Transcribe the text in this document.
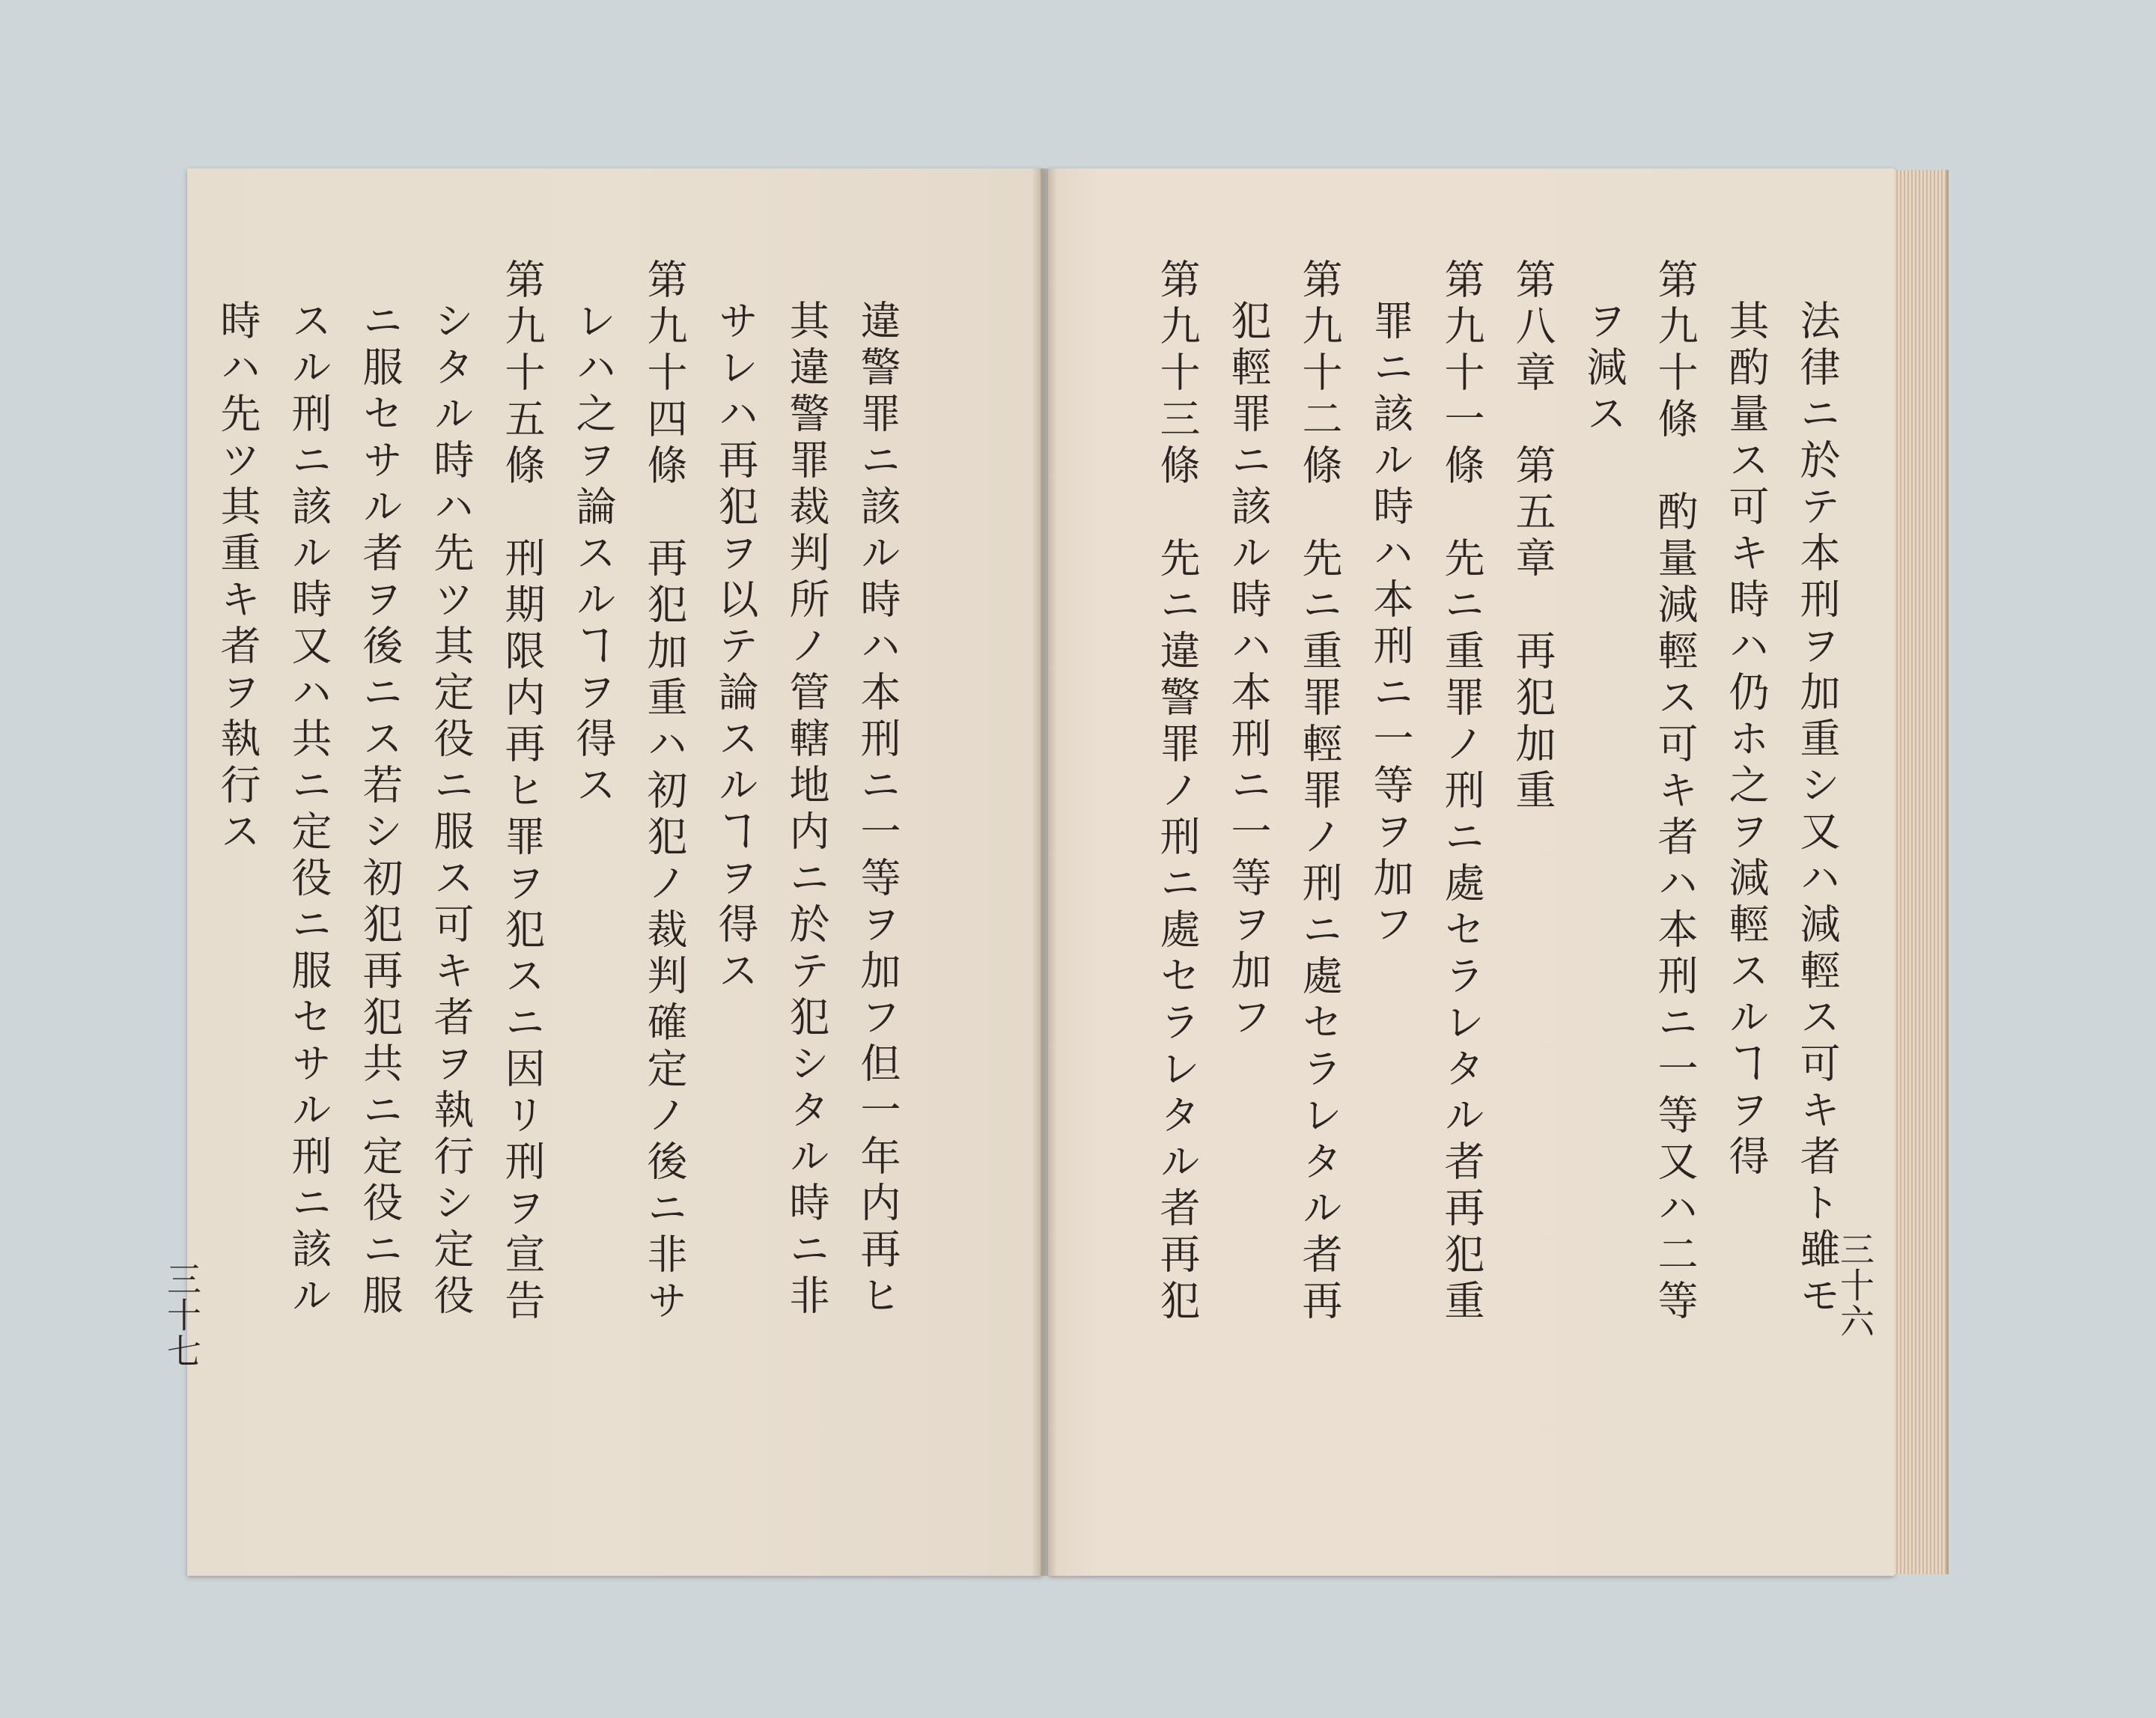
違警罪ニ該ル時ハ本刑ニ一等ヲ加フ但一年内再ヒ
其違警罪裁判所ノ管轄地内ニ於テ犯シタル時ニ非
サレハ再犯ヲ以テ論スルヿヲ得ス
第九十四條　再犯加重ハ初犯ノ裁判確定ノ後ニ非サ
レハ之ヲ論スルヿヲ得ス
第九十五條　刑期限内再ヒ罪ヲ犯スニ因リ刑ヲ宣告
シタル時ハ先ツ其定役ニ服ス可キ者ヲ執行シ定役
ニ服セサル者ヲ後ニス若シ初犯再犯共ニ定役ニ服
スル刑ニ該ル時又ハ共ニ定役ニ服セサル刑ニ該ル
時ハ先ツ其重キ者ヲ執行ス
三十七	法律ニ於テ本刑ヲ加重シ又ハ減輕ス可キ者ト雖モ
其酌量ス可キ時ハ仍ホ之ヲ減輕スルヿヲ得
第九十條　酌量減輕ス可キ者ハ本刑ニ一等又ハ二等
ヲ減ス
第八章　第五章　再犯加重
第九十一條　先ニ重罪ノ刑ニ處セラレタル者再犯重
罪ニ該ル時ハ本刑ニ一等ヲ加フ
第九十二條　先ニ重罪輕罪ノ刑ニ處セラレタル者再
犯輕罪ニ該ル時ハ本刑ニ一等ヲ加フ
第九十三條　先ニ違警罪ノ刑ニ處セラレタル者再犯	三十六
